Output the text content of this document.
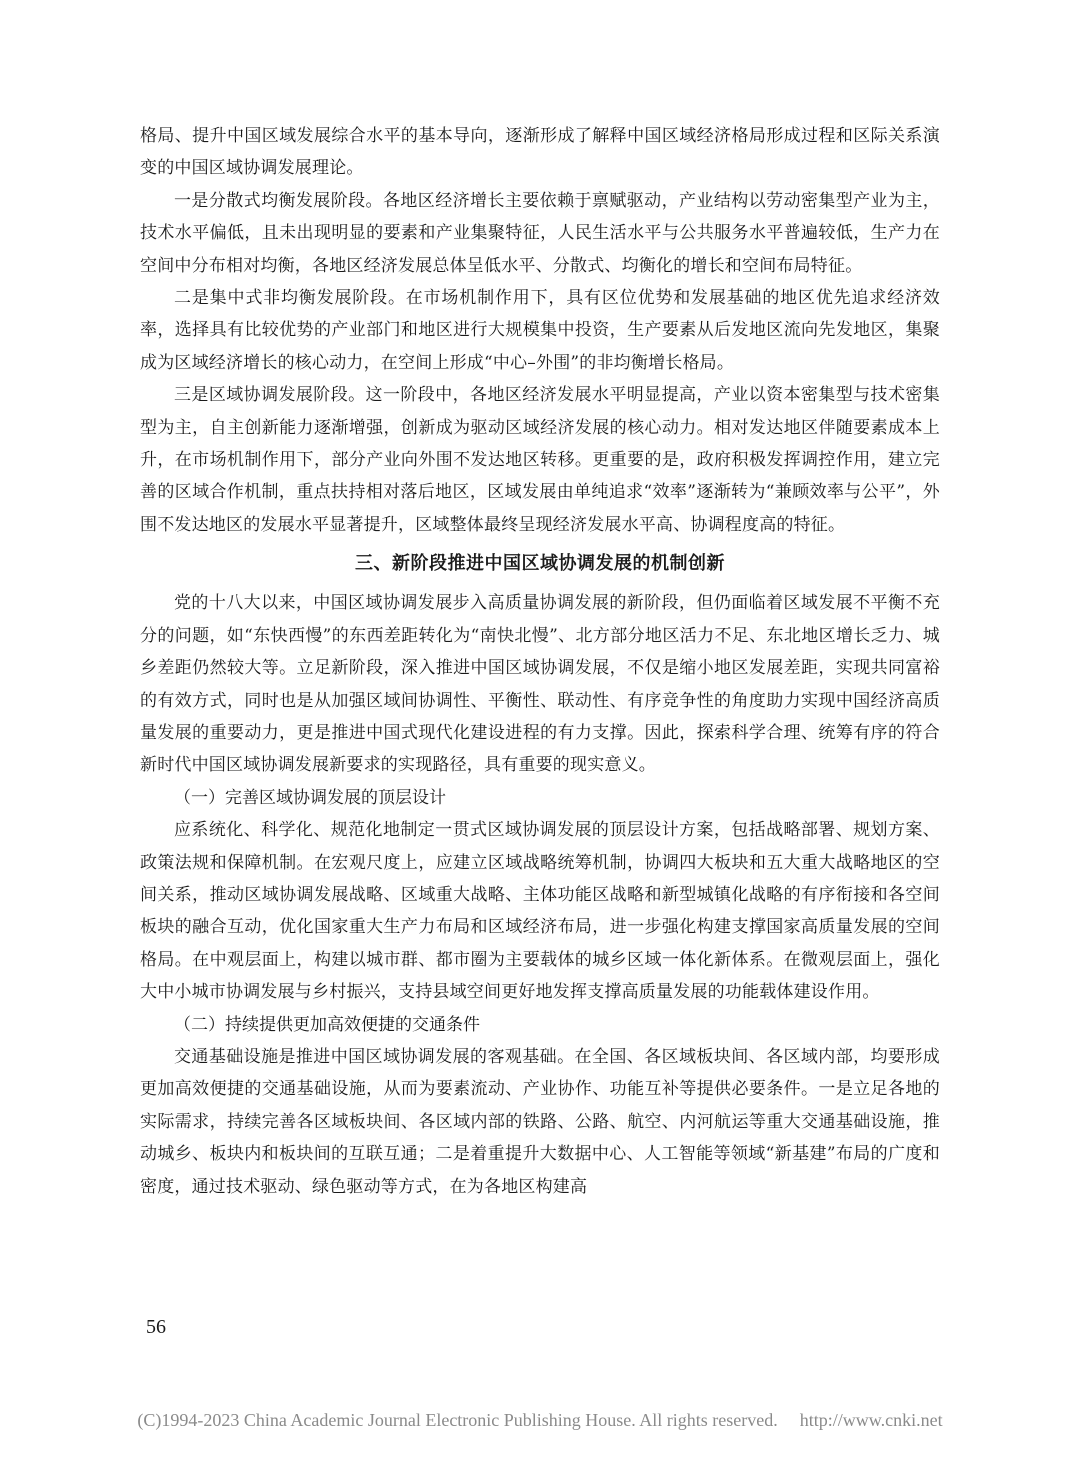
格局、提升中国区域发展综合水平的基本导向，逐渐形成了解释中国区域经济格局形成过程和区际关系演变的中国区域协调发展理论。

一是分散式均衡发展阶段。各地区经济增长主要依赖于禀赋驱动，产业结构以劳动密集型产业为主，技术水平偏低，且未出现明显的要素和产业集聚特征，人民生活水平与公共服务水平普遍较低，生产力在空间中分布相对均衡，各地区经济发展总体呈低水平、分散式、均衡化的增长和空间布局特征。

二是集中式非均衡发展阶段。在市场机制作用下，具有区位优势和发展基础的地区优先追求经济效率，选择具有比较优势的产业部门和地区进行大规模集中投资，生产要素从后发地区流向先发地区，集聚成为区域经济增长的核心动力，在空间上形成“中心–外围”的非均衡增长格局。

三是区域协调发展阶段。这一阶段中，各地区经济发展水平明显提高，产业以资本密集型与技术密集型为主，自主创新能力逐渐增强，创新成为驱动区域经济发展的核心动力。相对发达地区伴随要素成本上升，在市场机制作用下，部分产业向外围不发达地区转移。更重要的是，政府积极发挥调控作用，建立完善的区域合作机制，重点扶持相对落后地区，区域发展由单纯追求“效率”逐渐转为“兼顾效率与公平”，外围不发达地区的发展水平显著提升，区域整体最终呈现经济发展水平高、协调程度高的特征。

三、新阶段推进中国区域协调发展的机制创新

党的十八大以来，中国区域协调发展步入高质量协调发展的新阶段，但仍面临着区域发展不平衡不充分的问题，如“东快西慢”的东西差距转化为“南快北慢”、北方部分地区活力不足、东北地区增长乏力、城乡差距仍然较大等。立足新阶段，深入推进中国区域协调发展，不仅是缩小地区发展差距，实现共同富裕的有效方式，同时也是从加强区域间协调性、平衡性、联动性、有序竞争性的角度助力实现中国经济高质量发展的重要动力，更是推进中国式现代化建设进程的有力支撑。因此，探索科学合理、统筹有序的符合新时代中国区域协调发展新要求的实现路径，具有重要的现实意义。

（一）完善区域协调发展的顶层设计

应系统化、科学化、规范化地制定一贯式区域协调发展的顶层设计方案，包括战略部署、规划方案、政策法规和保障机制。在宏观尺度上，应建立区域战略统筹机制，协调四大板块和五大重大战略地区的空间关系，推动区域协调发展战略、区域重大战略、主体功能区战略和新型城镇化战略的有序衔接和各空间板块的融合互动，优化国家重大生产力布局和区域经济布局，进一步强化构建支撑国家高质量发展的空间格局。在中观层面上，构建以城市群、都市圈为主要载体的城乡区域一体化新体系。在微观层面上，强化大中小城市协调发展与乡村振兴，支持县域空间更好地发挥支撑高质量发展的功能载体建设作用。

（二）持续提供更加高效便捷的交通条件

交通基础设施是推进中国区域协调发展的客观基础。在全国、各区域板块间、各区域内部，均要形成更加高效便捷的交通基础设施，从而为要素流动、产业协作、功能互补等提供必要条件。一是立足各地的实际需求，持续完善各区域板块间、各区域内部的铁路、公路、航空、内河航运等重大交通基础设施，推动城乡、板块内和板块间的互联互通；二是着重提升大数据中心、人工智能等领域“新基建”布局的广度和密度，通过技术驱动、绿色驱动等方式，在为各地区构建高

56
(C)1994-2023 China Academic Journal Electronic Publishing House. All rights reserved. http://www.cnki.net
